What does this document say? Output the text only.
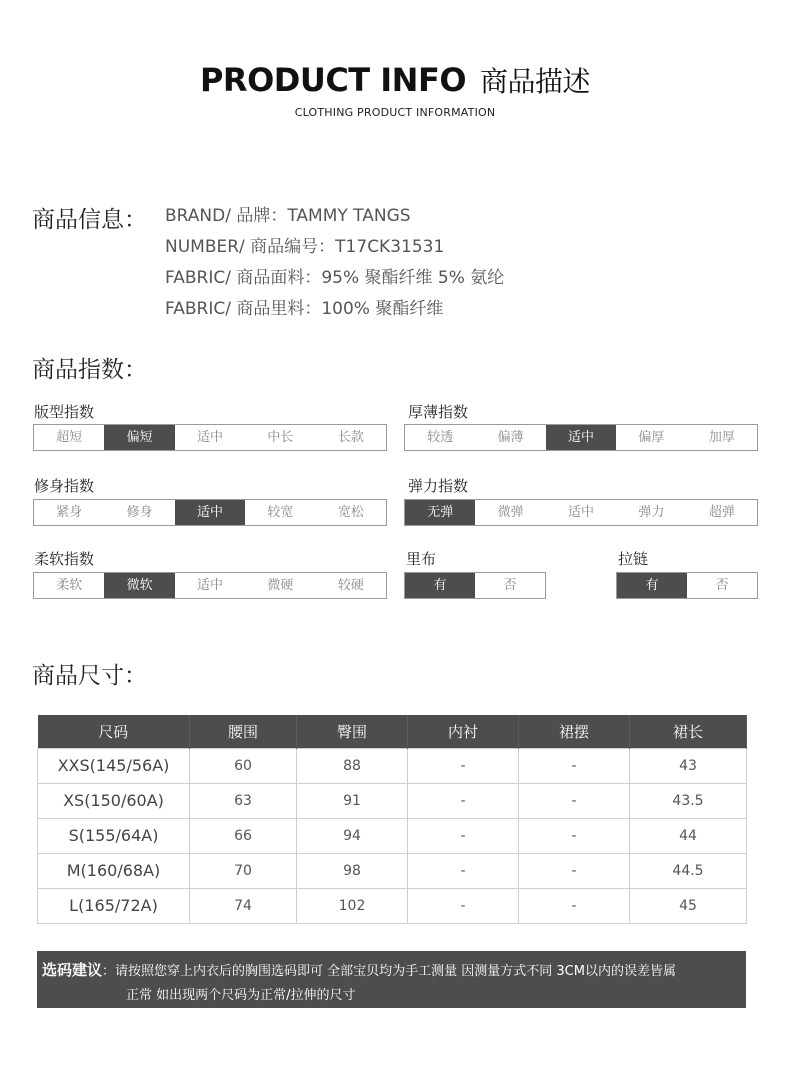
PRODUCT INFO 商品描述
CLOTHING PRODUCT INFORMATION
商品信息： BRAND/ 品牌：TAMMY TANGS
NUMBER/ 商品编号：T17CK31531
FABRIC/ 商品面料：95% 聚酯纤维 5% 氨纶
FABRIC/ 商品里料：100% 聚酯纤维
商品指数：
版型指数
超短	偏短	适中	中长	长款
厚薄指数
较透	偏薄	适中	偏厚	加厚
修身指数
紧身	修身	适中	较宽	宽松
弹力指数
无弹	微弹	适中	弹力	超弹
柔软指数
柔软	微软	适中	微硬	较硬
里布
有	否
拉链
有	否
商品尺寸：
尺码	腰围	臀围	内衬	裙摆	裙长
XXS(145/56A)	60	88	-	-	43
XS(150/60A)	63	91	-	-	43.5
S(155/64A)	66	94	-	-	44
M(160/68A)	70	98	-	-	44.5
L(165/72A)	74	102	-	-	45
选码建议：请按照您穿上内衣后的胸围选码即可 全部宝贝均为手工测量 因测量方式不同 3CM以内的误差皆属
正常 如出现两个尺码为正常/拉伸的尺寸
